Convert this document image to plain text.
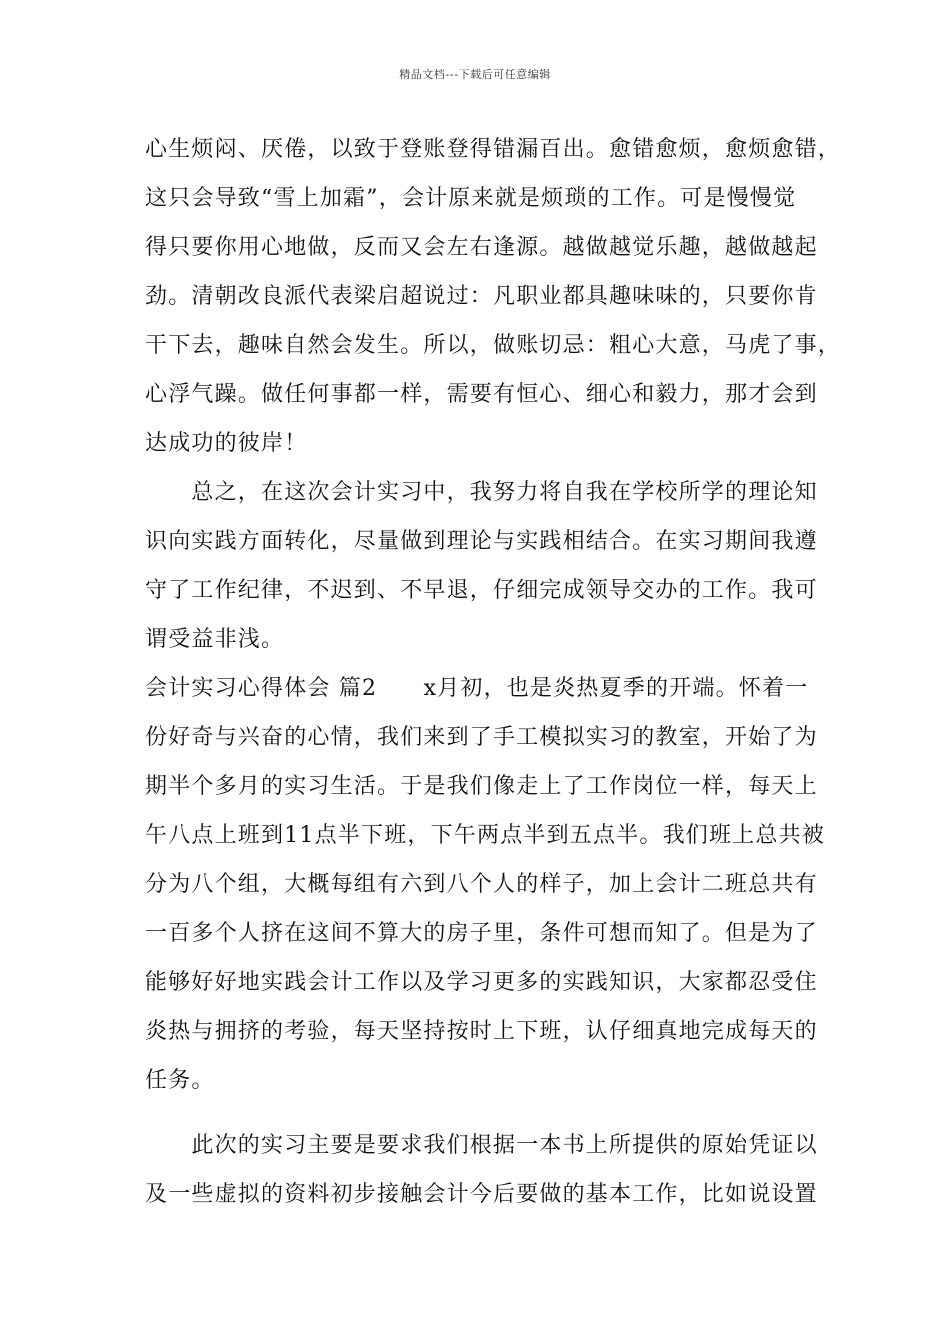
精品文档---下载后可任意编辑
心生烦闷、厌倦，以致于登账登得错漏百出。愈错愈烦，愈烦愈错，
这只会导致“雪上加霜”，会计原来就是烦琐的工作。可是慢慢觉
得只要你用心地做，反而又会左右逢源。越做越觉乐趣，越做越起
劲。清朝改良派代表梁启超说过：凡职业都具趣味味的，只要你肯
干下去，趣味自然会发生。所以，做账切忌：粗心大意，马虎了事，
心浮气躁。做任何事都一样，需要有恒心、细心和毅力，那才会到
达成功的彼岸！
　　总之，在这次会计实习中，我努力将自我在学校所学的理论知
识向实践方面转化，尽量做到理论与实践相结合。在实习期间我遵
守了工作纪律，不迟到、不早退，仔细完成领导交办的工作。我可
谓受益非浅。
会计实习心得体会 篇2　　x月初，也是炎热夏季的开端。怀着一
份好奇与兴奋的心情，我们来到了手工模拟实习的教室，开始了为
期半个多月的实习生活。于是我们像走上了工作岗位一样，每天上
午八点上班到11点半下班，下午两点半到五点半。我们班上总共被
分为八个组，大概每组有六到八个人的样子，加上会计二班总共有
一百多个人挤在这间不算大的房子里，条件可想而知了。但是为了
能够好好地实践会计工作以及学习更多的实践知识，大家都忍受住
炎热与拥挤的考验，每天坚持按时上下班，认仔细真地完成每天的
任务。
　　此次的实习主要是要求我们根据一本书上所提供的原始凭证以
及一些虚拟的资料初步接触会计今后要做的基本工作，比如说设置
